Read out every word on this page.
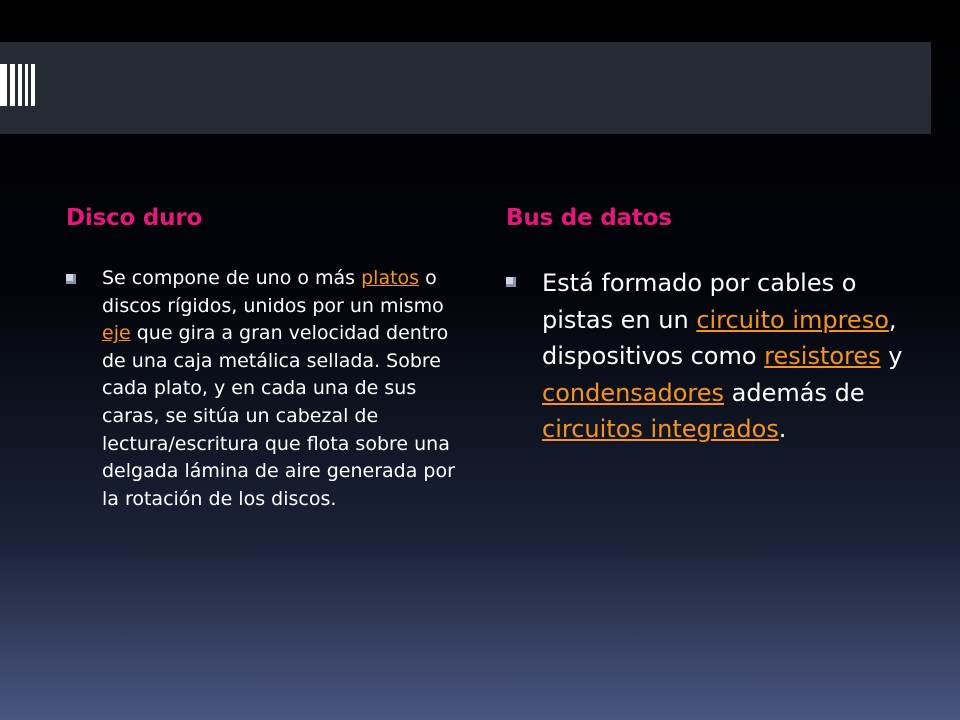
Disco duro	Bus de datos
Se compone de uno o más platos o discos rígidos, unidos por un mismo eje que gira a gran velocidad dentro de una caja metálica sellada. Sobre cada plato, y en cada una de sus caras, se sitúa un cabezal de lectura/escritura que flota sobre una delgada lámina de aire generada por la rotación de los discos.
Está formado por cables o pistas en un circuito impreso, dispositivos como resistores y condensadores además de circuitos integrados.
